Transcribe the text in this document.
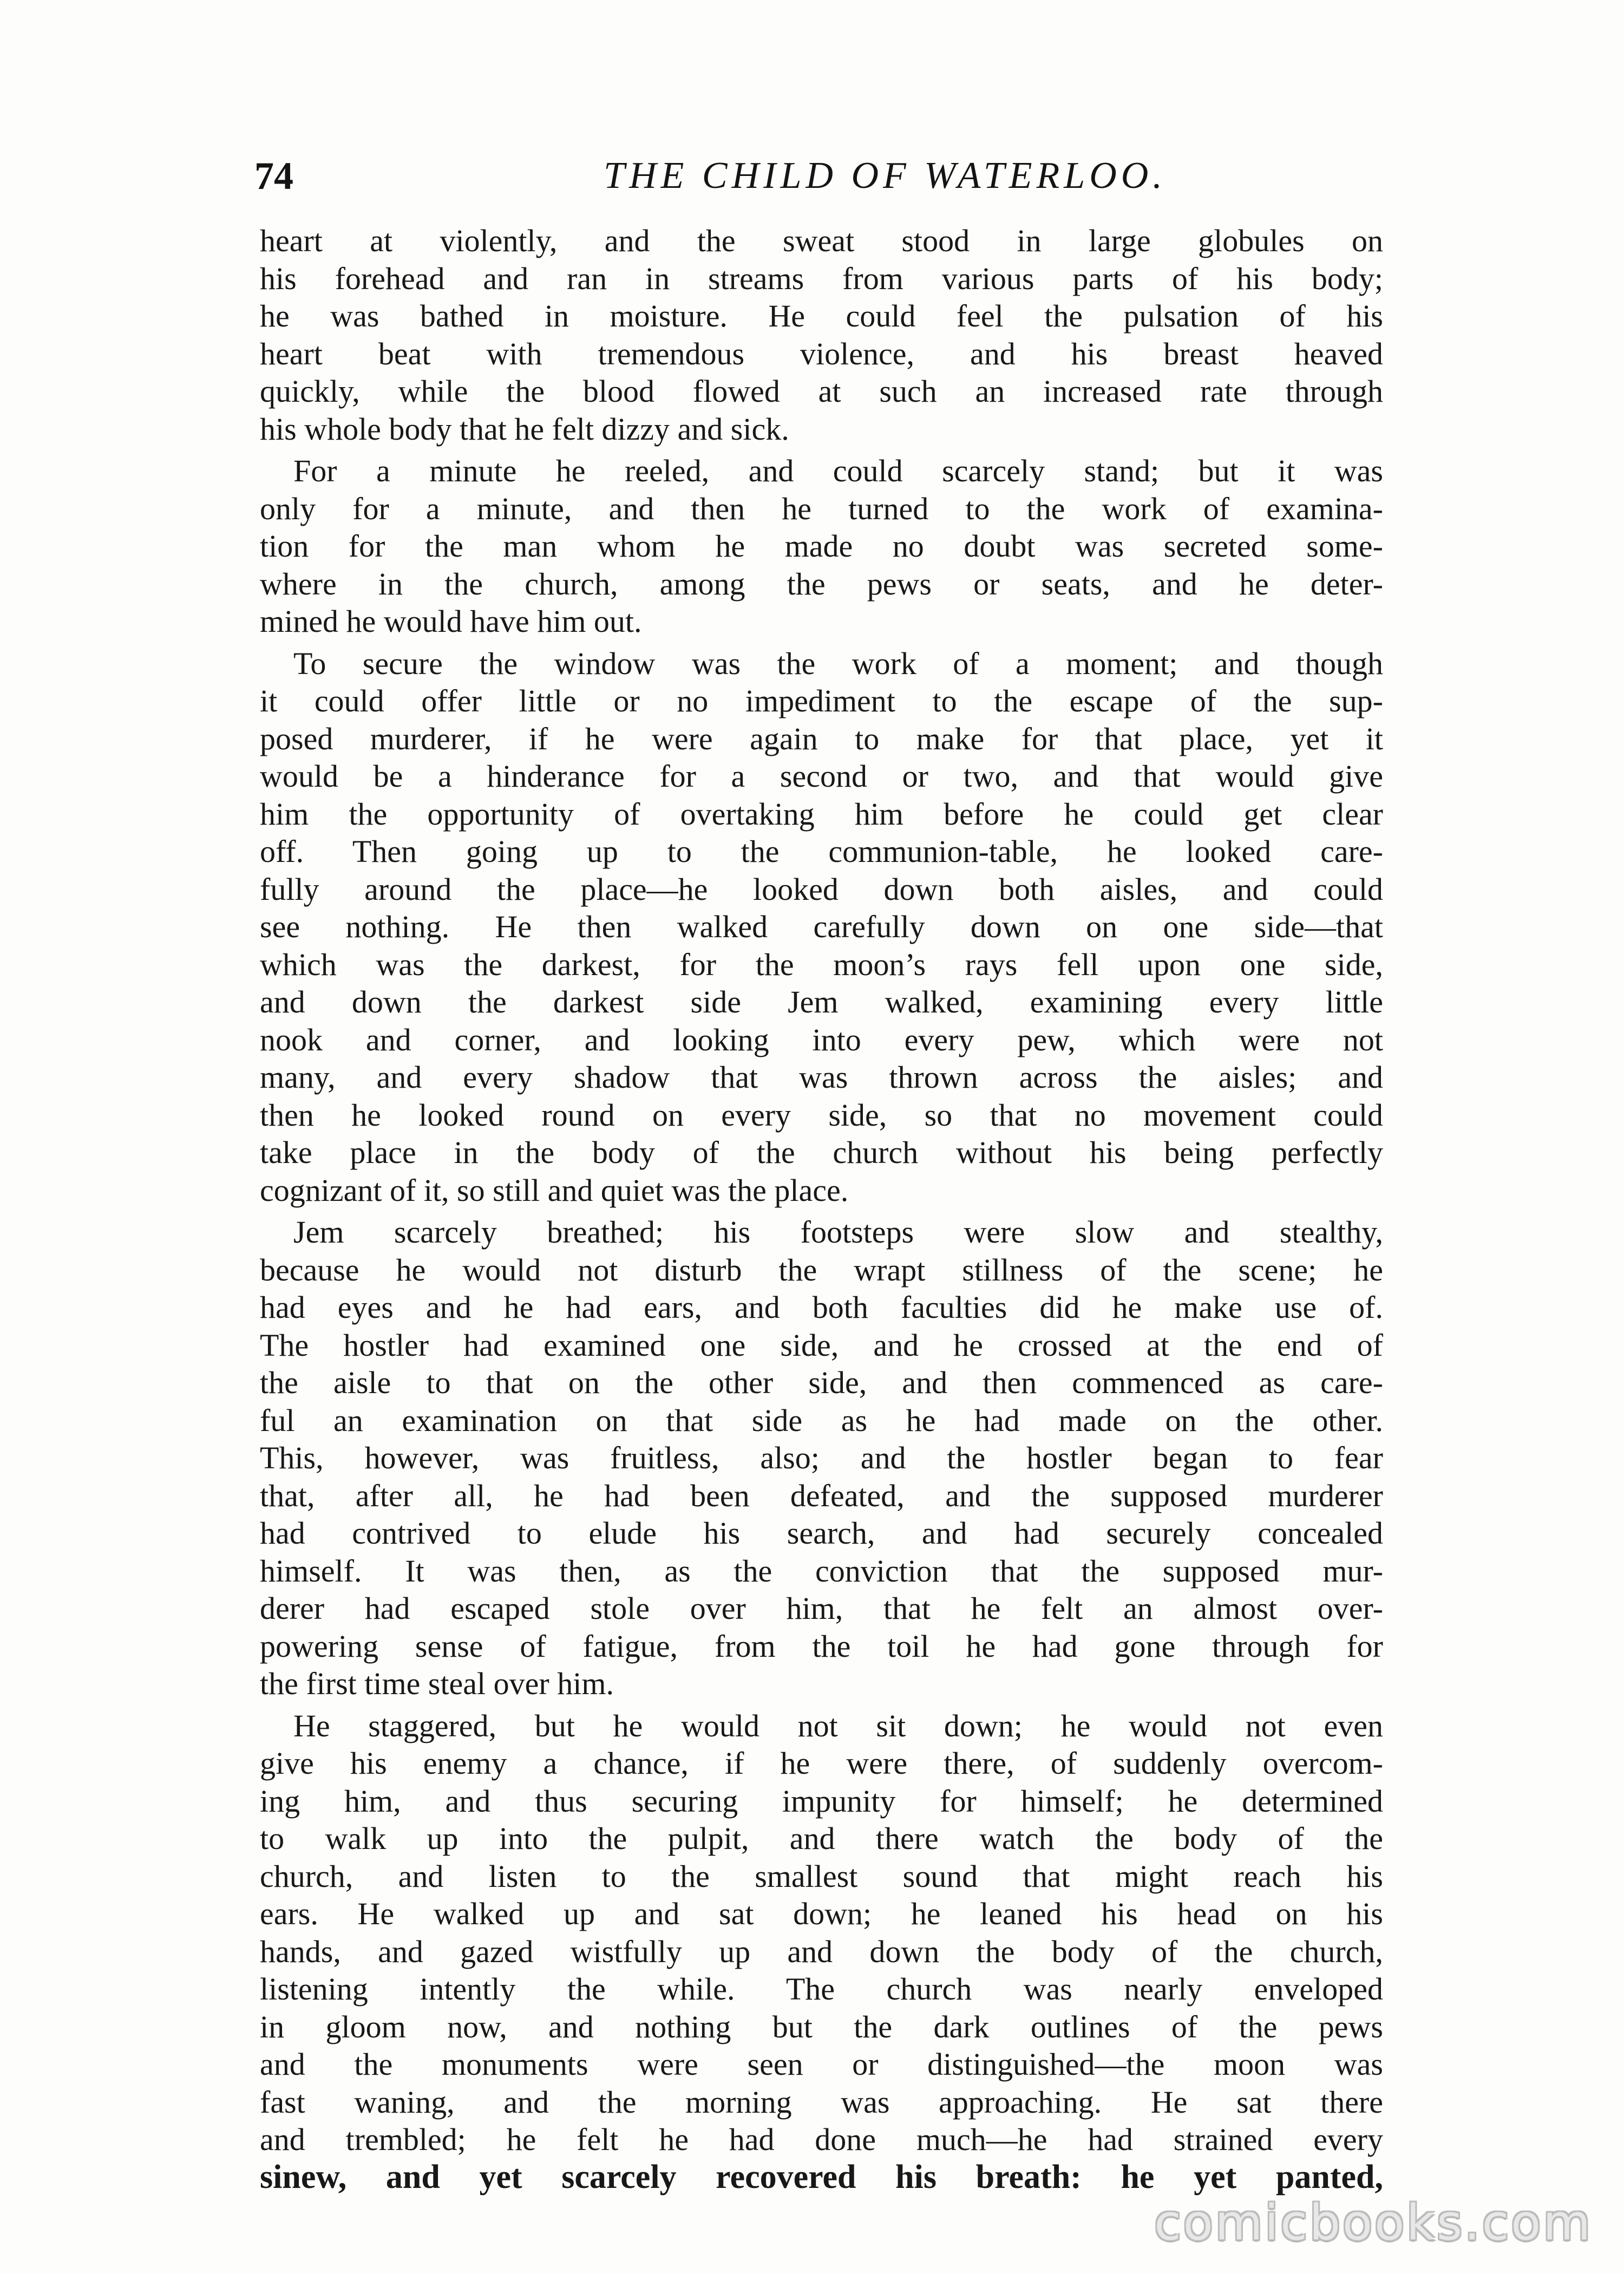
74	THE CHILD OF WATERLOO.
heart at violently, and the sweat stood in large globules on
his forehead and ran in streams from various parts of his body;
he was bathed in moisture. He could feel the pulsation of his
heart beat with tremendous violence, and his breast heaved
quickly, while the blood flowed at such an increased rate through
his whole body that he felt dizzy and sick.
For a minute he reeled, and could scarcely stand; but it was
only for a minute, and then he turned to the work of examina-
tion for the man whom he made no doubt was secreted some-
where in the church, among the pews or seats, and he deter-
mined he would have him out.
To secure the window was the work of a moment; and though
it could offer little or no impediment to the escape of the sup-
posed murderer, if he were again to make for that place, yet it
would be a hinderance for a second or two, and that would give
him the opportunity of overtaking him before he could get clear
off. Then going up to the communion-table, he looked care-
fully around the place—he looked down both aisles, and could
see nothing. He then walked carefully down on one side—that
which was the darkest, for the moon’s rays fell upon one side,
and down the darkest side Jem walked, examining every little
nook and corner, and looking into every pew, which were not
many, and every shadow that was thrown across the aisles; and
then he looked round on every side, so that no movement could
take place in the body of the church without his being perfectly
cognizant of it, so still and quiet was the place.
Jem scarcely breathed; his footsteps were slow and stealthy,
because he would not disturb the wrapt stillness of the scene; he
had eyes and he had ears, and both faculties did he make use of.
The hostler had examined one side, and he crossed at the end of
the aisle to that on the other side, and then commenced as care-
ful an examination on that side as he had made on the other.
This, however, was fruitless, also; and the hostler began to fear
that, after all, he had been defeated, and the supposed murderer
had contrived to elude his search, and had securely concealed
himself. It was then, as the conviction that the supposed mur-
derer had escaped stole over him, that he felt an almost over-
powering sense of fatigue, from the toil he had gone through for
the first time steal over him.
He staggered, but he would not sit down; he would not even
give his enemy a chance, if he were there, of suddenly overcom-
ing him, and thus securing impunity for himself; he determined
to walk up into the pulpit, and there watch the body of the
church, and listen to the smallest sound that might reach his
ears. He walked up and sat down; he leaned his head on his
hands, and gazed wistfully up and down the body of the church,
listening intently the while. The church was nearly enveloped
in gloom now, and nothing but the dark outlines of the pews
and the monuments were seen or distinguished—the moon was
fast waning, and the morning was approaching. He sat there
and trembled; he felt he had done much—he had strained every
sinew, and yet scarcely recovered his breath: he yet panted,
comicbooks.com
